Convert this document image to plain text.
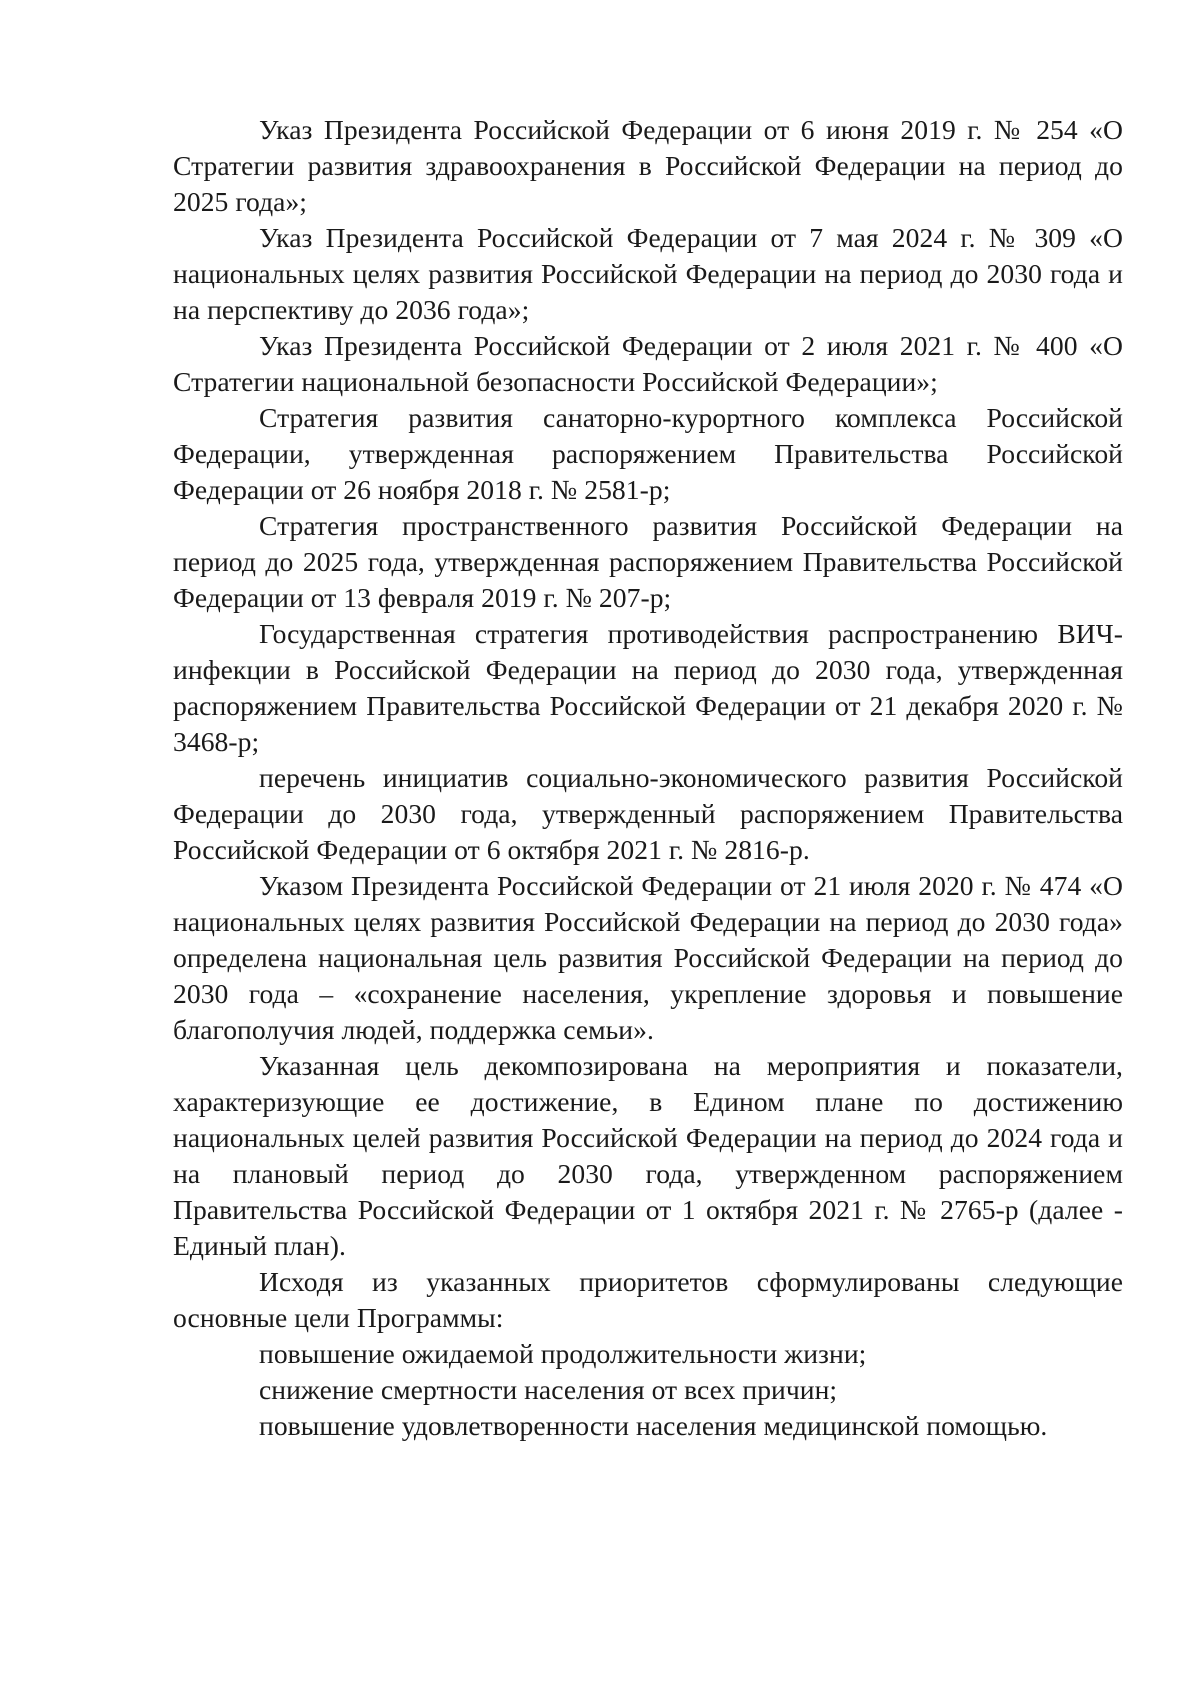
Указ Президента Российской Федерации от 6 июня 2019 г. № 254 «О Стратегии развития здравоохранения в Российской Федерации на период до 2025 года»;

Указ Президента Российской Федерации от 7 мая 2024 г. № 309 «О национальных целях развития Российской Федерации на период до 2030 года и на перспективу до 2036 года»;

Указ Президента Российской Федерации от 2 июля 2021 г. № 400 «О Стратегии национальной безопасности Российской Федерации»;

Стратегия развития санаторно-курортного комплекса Российской Федерации, утвержденная распоряжением Правительства Российской Федерации от 26 ноября 2018 г. № 2581-р;

Стратегия пространственного развития Российской Федерации на период до 2025 года, утвержденная распоряжением Правительства Российской Федерации от 13 февраля 2019 г. № 207-р;

Государственная стратегия противодействия распространению ВИЧ-инфекции в Российской Федерации на период до 2030 года, утвержденная распоряжением Правительства Российской Федерации от 21 декабря 2020 г. № 3468-р;

перечень инициатив социально-экономического развития Российской Федерации до 2030 года, утвержденный распоряжением Правительства Российской Федерации от 6 октября 2021 г. № 2816-р.

Указом Президента Российской Федерации от 21 июля 2020 г. № 474 «О национальных целях развития Российской Федерации на период до 2030 года» определена национальная цель развития Российской Федерации на период до 2030 года – «сохранение населения, укрепление здоровья и повышение благополучия людей, поддержка семьи».

Указанная цель декомпозирована на мероприятия и показатели, характеризующие ее достижение, в Едином плане по достижению национальных целей развития Российской Федерации на период до 2024 года и на плановый период до 2030 года, утвержденном распоряжением Правительства Российской Федерации от 1 октября 2021 г. № 2765-р (далее - Единый план).

Исходя из указанных приоритетов сформулированы следующие основные цели Программы:

повышение ожидаемой продолжительности жизни;

снижение смертности населения от всех причин;

повышение удовлетворенности населения медицинской помощью.
